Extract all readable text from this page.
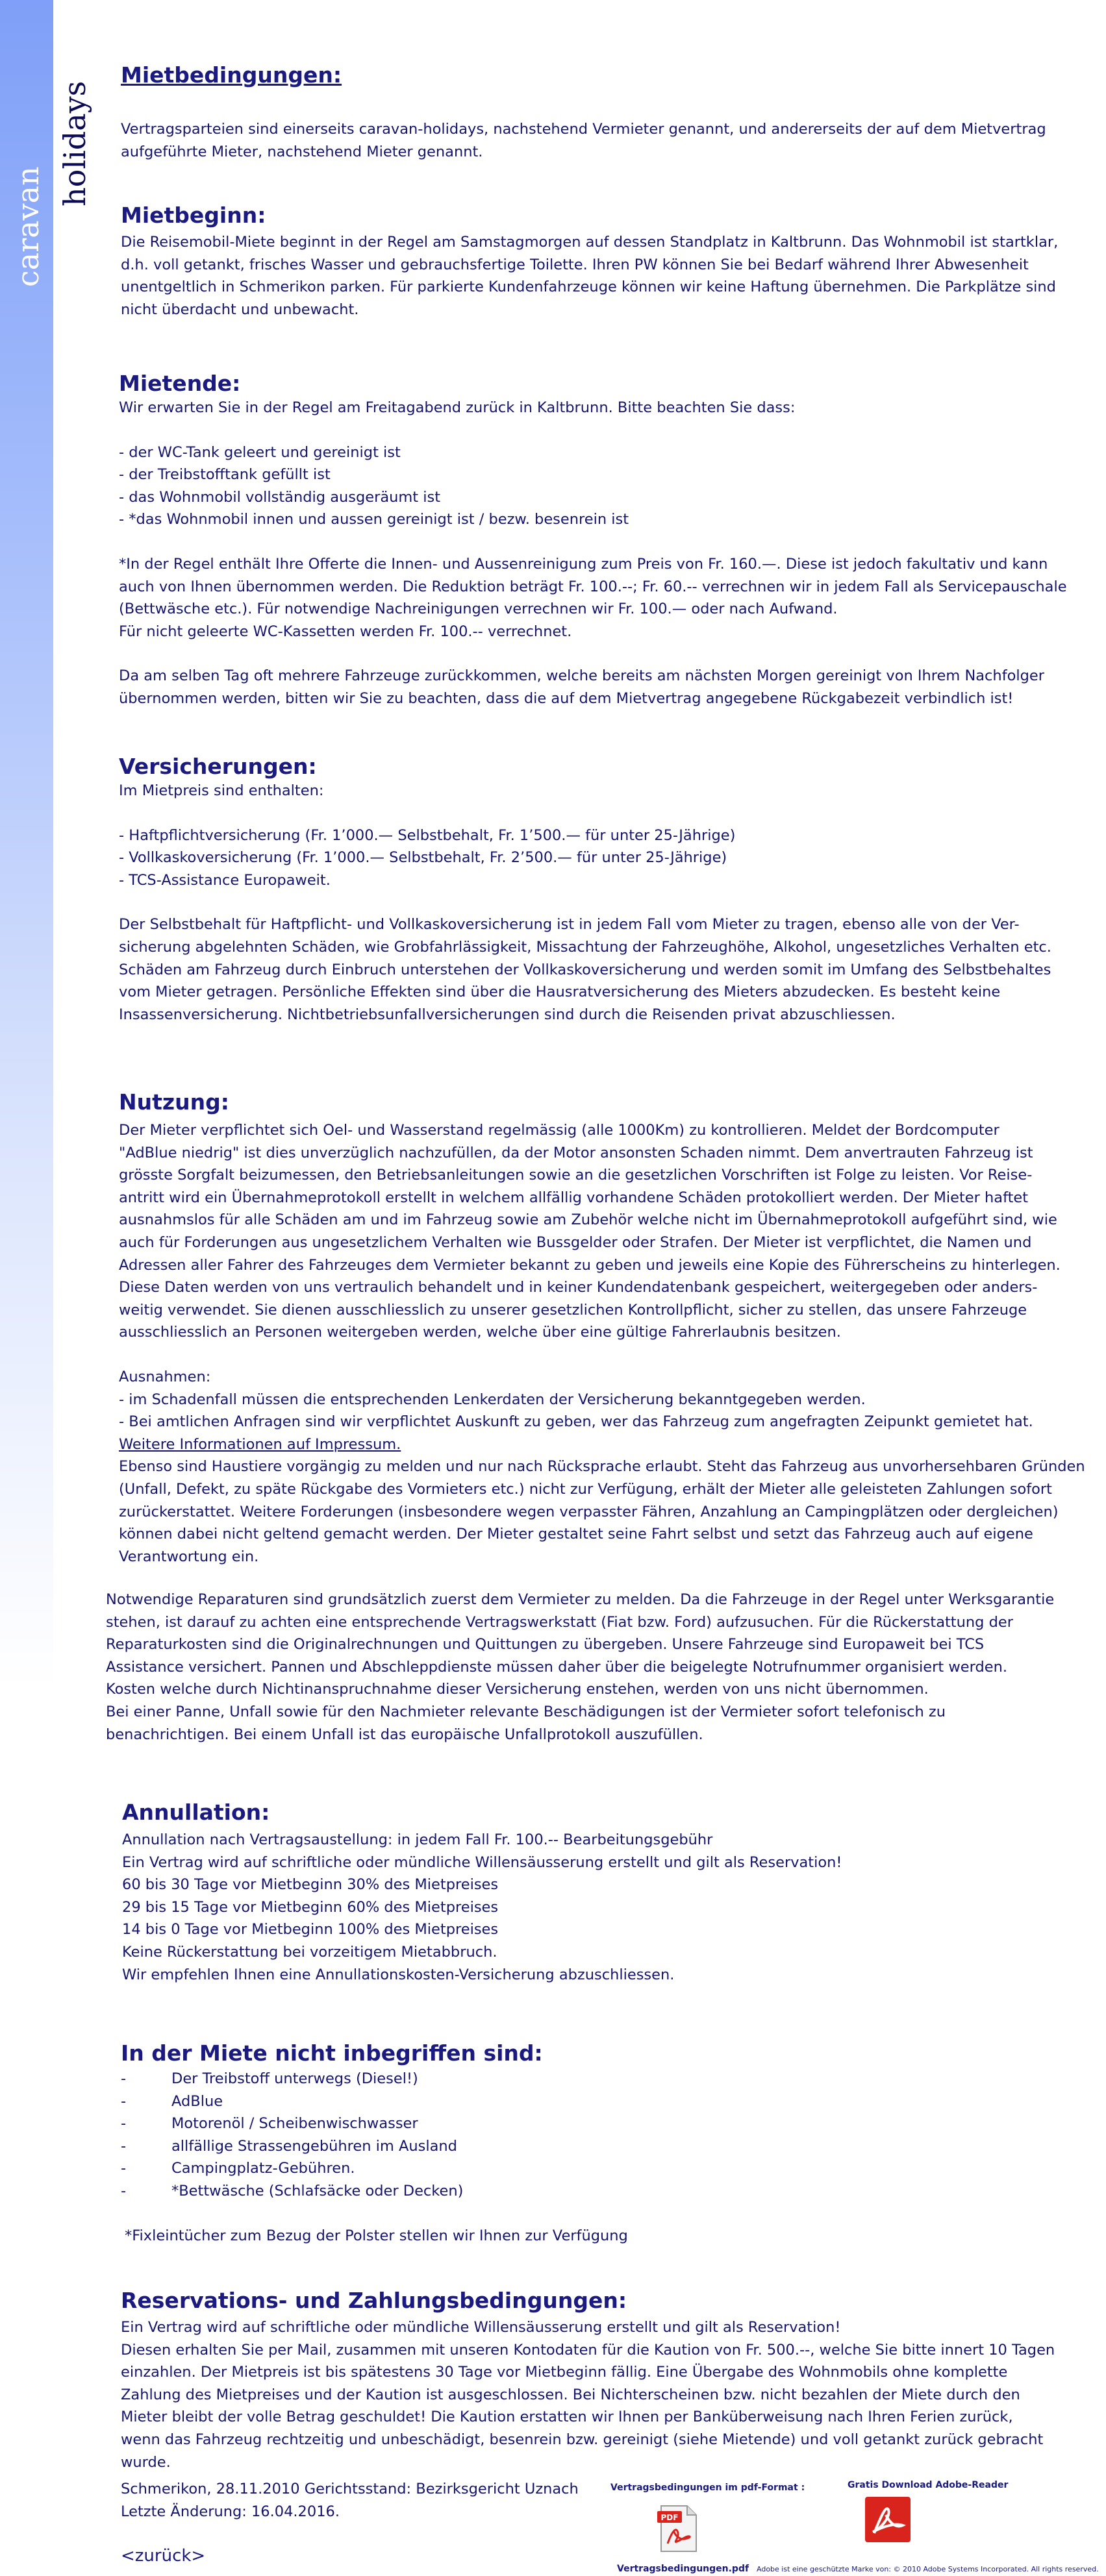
caravan
holidays
Mietbedingungen:

Vertragsparteien sind einerseits caravan-holidays, nachstehend Vermieter genannt, und andererseits der auf dem Mietvertrag
aufgeführte Mieter, nachstehend Mieter genannt.

Mietbeginn:

Die Reisemobil-Miete beginnt in der Regel am Samstagmorgen auf dessen Standplatz in Kaltbrunn. Das Wohnmobil ist startklar,
d.h. voll getankt, frisches Wasser und gebrauchsfertige Toilette. Ihren PW können Sie bei Bedarf während Ihrer Abwesenheit
unentgeltlich in Schmerikon parken. Für parkierte Kundenfahrzeuge können wir keine Haftung übernehmen. Die Parkplätze sind
nicht überdacht und unbewacht.

Mietende:

Wir erwarten Sie in der Regel am Freitagabend zurück in Kaltbrunn. Bitte beachten Sie dass:

- der WC-Tank geleert und gereinigt ist
- der Treibstofftank gefüllt ist
- das Wohnmobil vollständig ausgeräumt ist
- *das Wohnmobil innen und aussen gereinigt ist / bezw. besenrein ist

*In der Regel enthält Ihre Offerte die Innen- und Aussenreinigung zum Preis von Fr. 160.—. Diese ist jedoch fakultativ und kann
auch von Ihnen übernommen werden. Die Reduktion beträgt Fr. 100.--; Fr. 60.-- verrechnen wir in jedem Fall als Servicepauschale
(Bettwäsche etc.). Für notwendige Nachreinigungen verrechnen wir Fr. 100.— oder nach Aufwand.
Für nicht geleerte WC-Kassetten werden Fr. 100.-- verrechnet.

Da am selben Tag oft mehrere Fahrzeuge zurückkommen, welche bereits am nächsten Morgen gereinigt von Ihrem Nachfolger
übernommen werden, bitten wir Sie zu beachten, dass die auf dem Mietvertrag angegebene Rückgabezeit verbindlich ist!

Versicherungen:

Im Mietpreis sind enthalten:

- Haftpflichtversicherung (Fr. 1’000.— Selbstbehalt, Fr. 1’500.— für unter 25-Jährige)
- Vollkaskoversicherung (Fr. 1’000.— Selbstbehalt, Fr. 2’500.— für unter 25-Jährige)
- TCS-Assistance Europaweit.

Der Selbstbehalt für Haftpflicht- und Vollkaskoversicherung ist in jedem Fall vom Mieter zu tragen, ebenso alle von der Ver-
sicherung abgelehnten Schäden, wie Grobfahrlässigkeit, Missachtung der Fahrzeughöhe, Alkohol, ungesetzliches Verhalten etc.
Schäden am Fahrzeug durch Einbruch unterstehen der Vollkaskoversicherung und werden somit im Umfang des Selbstbehaltes
vom Mieter getragen. Persönliche Effekten sind über die Hausratversicherung des Mieters abzudecken. Es besteht keine
Insassenversicherung. Nichtbetriebsunfallversicherungen sind durch die Reisenden privat abzuschliessen.

Nutzung:

Der Mieter verpflichtet sich Oel- und Wasserstand regelmässig (alle 1000Km) zu kontrollieren. Meldet der Bordcomputer
"AdBlue niedrig" ist dies unverzüglich nachzufüllen, da der Motor ansonsten Schaden nimmt. Dem anvertrauten Fahrzeug ist
grösste Sorgfalt beizumessen, den Betriebsanleitungen sowie an die gesetzlichen Vorschriften ist Folge zu leisten. Vor Reise-
antritt wird ein Übernahmeprotokoll erstellt in welchem allfällig vorhandene Schäden protokolliert werden. Der Mieter haftet
ausnahmslos für alle Schäden am und im Fahrzeug sowie am Zubehör welche nicht im Übernahmeprotokoll aufgeführt sind, wie
auch für Forderungen aus ungesetzlichem Verhalten wie Bussgelder oder Strafen. Der Mieter ist verpflichtet, die Namen und
Adressen aller Fahrer des Fahrzeuges dem Vermieter bekannt zu geben und jeweils eine Kopie des Führerscheins zu hinterlegen.
Diese Daten werden von uns vertraulich behandelt und in keiner Kundendatenbank gespeichert, weitergegeben oder anders-
weitig verwendet. Sie dienen ausschliesslich zu unserer gesetzlichen Kontrollpflicht, sicher zu stellen, das unsere Fahrzeuge
ausschliesslich an Personen weitergeben werden, welche über eine gültige Fahrerlaubnis besitzen.

Ausnahmen:
- im Schadenfall müssen die entsprechenden Lenkerdaten der Versicherung bekanntgegeben werden.
- Bei amtlichen Anfragen sind wir verpflichtet Auskunft zu geben, wer das Fahrzeug zum angefragten Zeipunkt gemietet hat.

Weitere Informationen auf Impressum.

Ebenso sind Haustiere vorgängig zu melden und nur nach Rücksprache erlaubt. Steht das Fahrzeug aus unvorhersehbaren Gründen
(Unfall, Defekt, zu späte Rückgabe des Vormieters etc.) nicht zur Verfügung, erhält der Mieter alle geleisteten Zahlungen sofort
zurückerstattet. Weitere Forderungen (insbesondere wegen verpasster Fähren, Anzahlung an Campingplätzen oder dergleichen)
können dabei nicht geltend gemacht werden. Der Mieter gestaltet seine Fahrt selbst und setzt das Fahrzeug auch auf eigene
Verantwortung ein.

Notwendige Reparaturen sind grundsätzlich zuerst dem Vermieter zu melden. Da die Fahrzeuge in der Regel unter Werksgarantie
stehen, ist darauf zu achten eine entsprechende Vertragswerkstatt (Fiat bzw. Ford) aufzusuchen. Für die Rückerstattung der
Reparaturkosten sind die Originalrechnungen und Quittungen zu übergeben. Unsere Fahrzeuge sind Europaweit bei TCS
Assistance versichert. Pannen und Abschleppdienste müssen daher über die beigelegte Notrufnummer organisiert werden.
Kosten welche durch Nichtinanspruchnahme dieser Versicherung enstehen, werden von uns nicht übernommen.
Bei einer Panne, Unfall sowie für den Nachmieter relevante Beschädigungen ist der Vermieter sofort telefonisch zu
benachrichtigen. Bei einem Unfall ist das europäische Unfallprotokoll auszufüllen.

Annullation:

Annullation nach Vertragsaustellung: in jedem Fall Fr. 100.-- Bearbeitungsgebühr
Ein Vertrag wird auf schriftliche oder mündliche Willensäusserung erstellt und gilt als Reservation!
60 bis 30 Tage vor Mietbeginn 30% des Mietpreises
29 bis 15 Tage vor Mietbeginn 60% des Mietpreises
14 bis 0 Tage vor Mietbeginn 100% des Mietpreises
Keine Rückerstattung bei vorzeitigem Mietabbruch.
Wir empfehlen Ihnen eine Annullationskosten-Versicherung abzuschliessen.

In der Miete nicht inbegriffen sind:
-	Der Treibstoff unterwegs (Diesel!)
-	AdBlue
-	Motorenöl / Scheibenwischwasser
-	allfällige Strassengebühren im Ausland
-	Campingplatz-Gebühren.
-	*Bettwäsche (Schlafsäcke oder Decken)

*Fixleintücher zum Bezug der Polster stellen wir Ihnen zur Verfügung

Reservations- und Zahlungsbedingungen:

Ein Vertrag wird auf schriftliche oder mündliche Willensäusserung erstellt und gilt als Reservation!
Diesen erhalten Sie per Mail, zusammen mit unseren Kontodaten für die Kaution von Fr. 500.--, welche Sie bitte innert 10 Tagen
einzahlen. Der Mietpreis ist bis spätestens 30 Tage vor Mietbeginn fällig. Eine Übergabe des Wohnmobils ohne komplette
Zahlung des Mietpreises und der Kaution ist ausgeschlossen. Bei Nichterscheinen bzw. nicht bezahlen der Miete durch den
Mieter bleibt der volle Betrag geschuldet! Die Kaution erstatten wir Ihnen per Banküberweisung nach Ihren Ferien zurück,
wenn das Fahrzeug rechtzeitig und unbeschädigt, besenrein bzw. gereinigt (siehe Mietende) und voll getankt zurück gebracht
wurde.

Schmerikon, 28.11.2010 Gerichtsstand: Bezirksgericht Uznach
Letzte Änderung: 16.04.2016.

Vertragsbedingungen im pdf-Format :	Gratis Download Adobe-Reader
PDF
Vertragsbedingungen.pdf Adobe ist eine geschützte Marke von: © 2010 Adobe Systems Incorporated. All rights reserved.
<zurück>
